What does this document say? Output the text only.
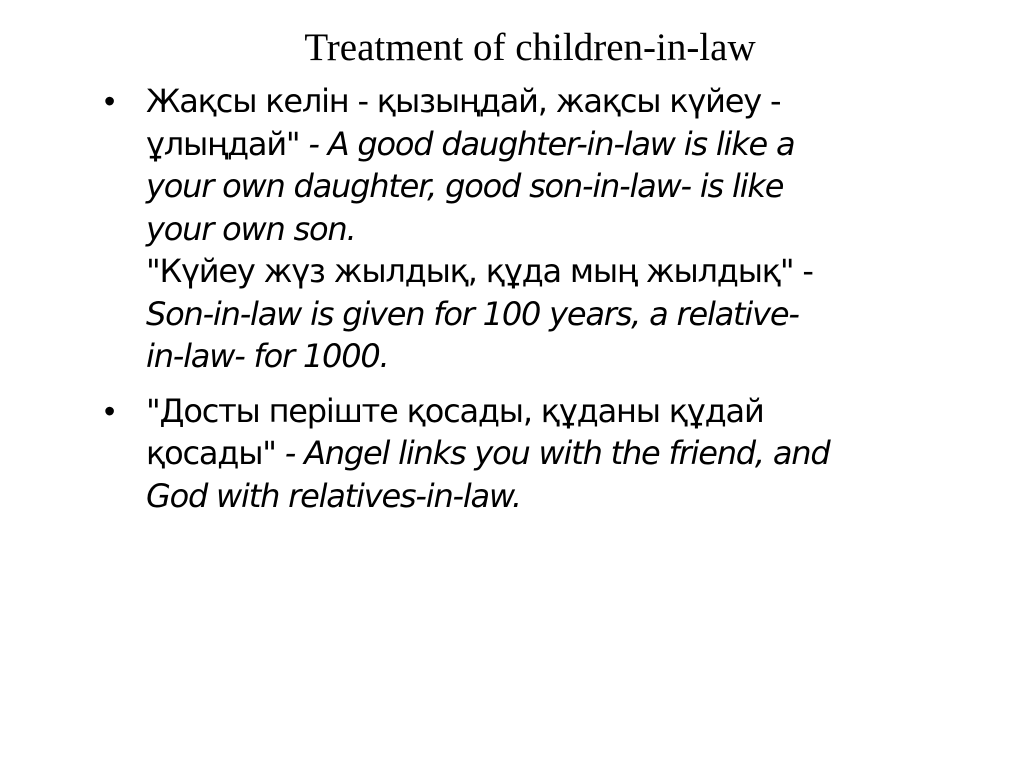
Treatment of children-in-law
• Жақсы келін - қызыңдай, жақсы күйеу -
ұлыңдай" - A good daughter-in-law is like a
your own daughter, good son-in-law- is like
your own son.
"Күйеу жүз жылдық, құда мың жылдық" -
Son-in-law is given for 100 years, a relative-
in-law- for 1000.
• "Досты періште қосады, құданы құдай
қосады" - Angel links you with the friend, and
God with relatives-in-law.
